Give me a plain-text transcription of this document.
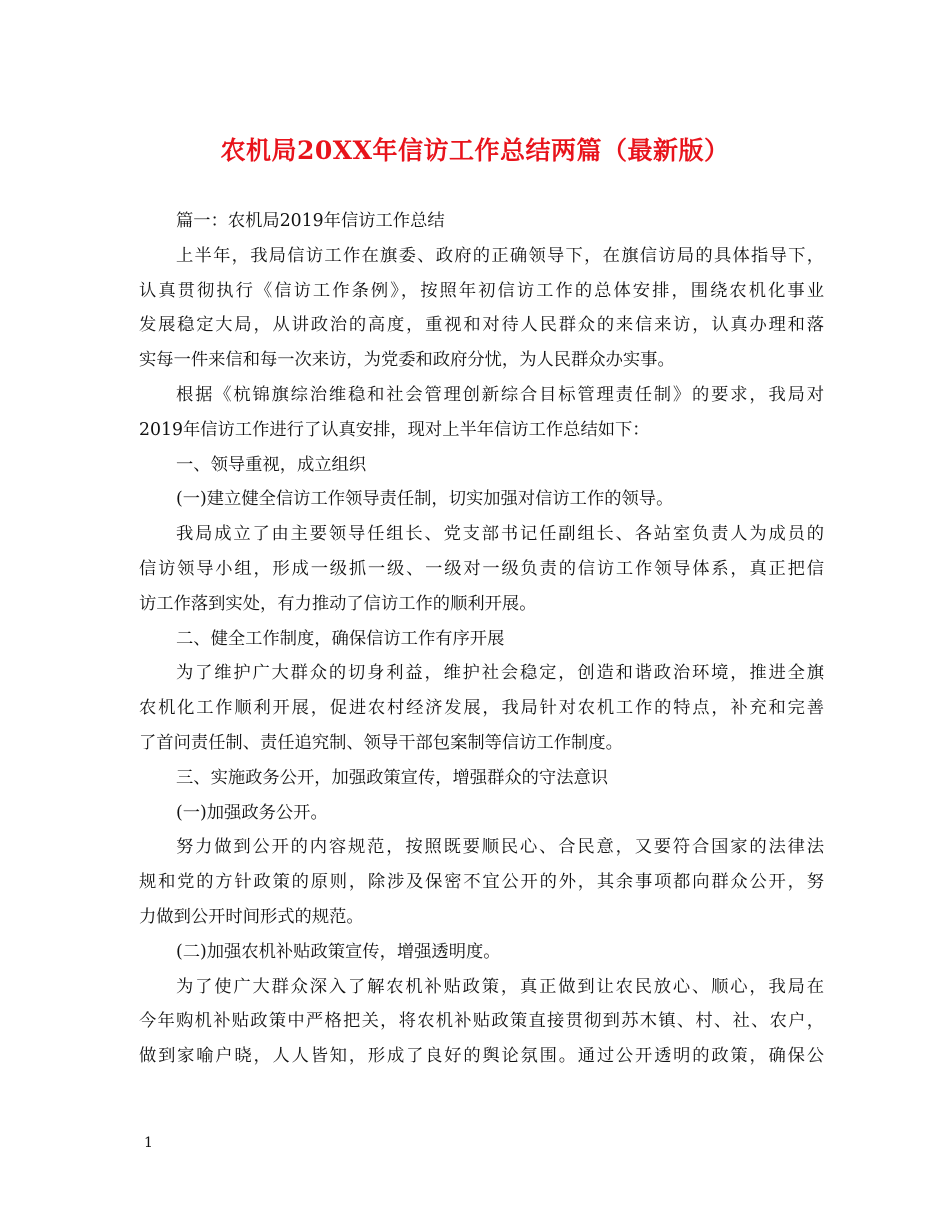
农机局20XX年信访工作总结两篇（最新版）
篇一：农机局2019年信访工作总结
上半年，我局信访工作在旗委、政府的正确领导下，在旗信访局的具体指导下，
认真贯彻执行《信访工作条例》，按照年初信访工作的总体安排，围绕农机化事业
发展稳定大局，从讲政治的高度，重视和对待人民群众的来信来访，认真办理和落
实每一件来信和每一次来访，为党委和政府分忧，为人民群众办实事。
根据《杭锦旗综治维稳和社会管理创新综合目标管理责任制》的要求，我局对
2019年信访工作进行了认真安排，现对上半年信访工作总结如下：
一、领导重视，成立组织
(一)建立健全信访工作领导责任制，切实加强对信访工作的领导。
我局成立了由主要领导任组长、党支部书记任副组长、各站室负责人为成员的
信访领导小组，形成一级抓一级、一级对一级负责的信访工作领导体系，真正把信
访工作落到实处，有力推动了信访工作的顺利开展。
二、健全工作制度，确保信访工作有序开展
为了维护广大群众的切身利益，维护社会稳定，创造和谐政治环境，推进全旗
农机化工作顺利开展，促进农村经济发展，我局针对农机工作的特点，补充和完善
了首问责任制、责任追究制、领导干部包案制等信访工作制度。
三、实施政务公开，加强政策宣传，增强群众的守法意识
(一)加强政务公开。
努力做到公开的内容规范，按照既要顺民心、合民意，又要符合国家的法律法
规和党的方针政策的原则，除涉及保密不宜公开的外，其余事项都向群众公开，努
力做到公开时间形式的规范。
(二)加强农机补贴政策宣传，增强透明度。
为了使广大群众深入了解农机补贴政策，真正做到让农民放心、顺心，我局在
今年购机补贴政策中严格把关，将农机补贴政策直接贯彻到苏木镇、村、社、农户，
做到家喻户晓，人人皆知，形成了良好的舆论氛围。通过公开透明的政策，确保公
1
